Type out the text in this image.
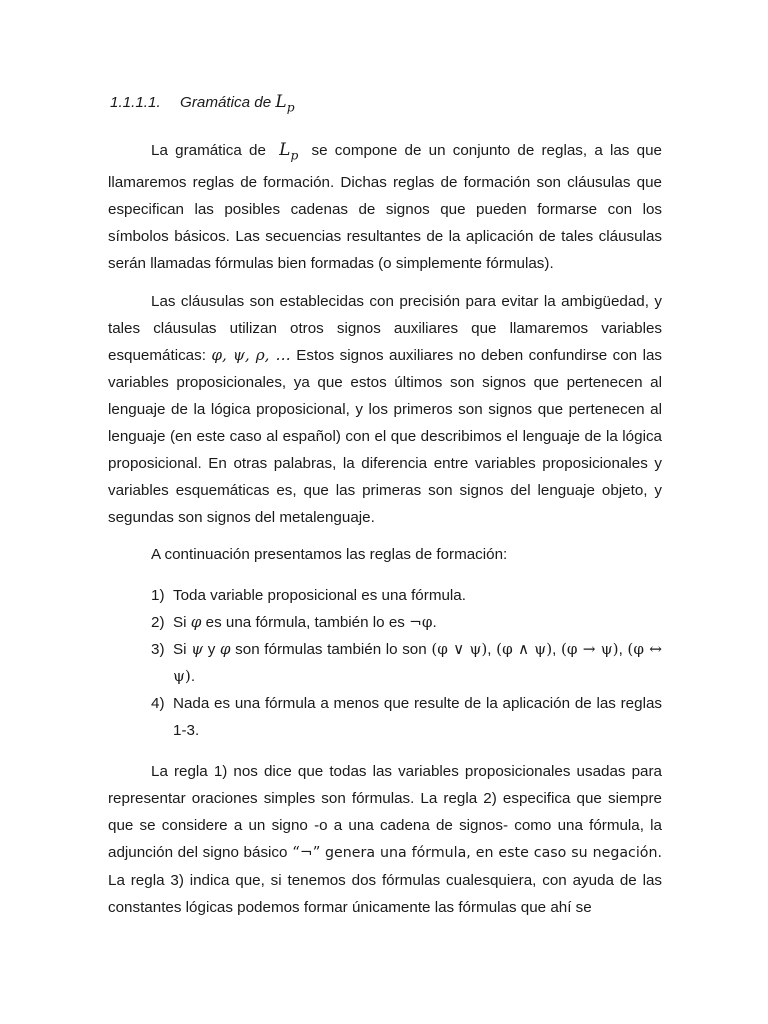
1.1.1.1. Gramática de $L_p$

La gramática de $L_p$ se compone de un conjunto de reglas, a las que llamaremos reglas de formación. Dichas reglas de formación son cláusulas que especifican las posibles cadenas de signos que pueden formarse con los símbolos básicos. Las secuencias resultantes de la aplicación de tales cláusulas serán llamadas fórmulas bien formadas (o simplemente fórmulas).

Las cláusulas son establecidas con precisión para evitar la ambigüedad, y tales cláusulas utilizan otros signos auxiliares que llamaremos variables esquemáticas: φ, ψ, ρ, … Estos signos auxiliares no deben confundirse con las variables proposicionales, ya que estos últimos son signos que pertenecen al lenguaje de la lógica proposicional, y los primeros son signos que pertenecen al lenguaje (en este caso al español) con el que describimos el lenguaje de la lógica proposicional. En otras palabras, la diferencia entre variables proposicionales y variables esquemáticas es, que las primeras son signos del lenguaje objeto, y segundas son signos del metalenguaje.

A continuación presentamos las reglas de formación:

1) Toda variable proposicional es una fórmula.
2) Si φ es una fórmula, también lo es ¬φ.
3) Si ψ y φ son fórmulas también lo son (φ ∨ ψ), (φ ∧ ψ), (φ → ψ), (φ ↔ ψ).
4) Nada es una fórmula a menos que resulte de la aplicación de las reglas 1-3.

La regla 1) nos dice que todas las variables proposicionales usadas para representar oraciones simples son fórmulas. La regla 2) especifica que siempre que se considere a un signo -o a una cadena de signos- como una fórmula, la adjunción del signo básico “¬” genera una fórmula, en este caso su negación. La regla 3) indica que, si tenemos dos fórmulas cualesquiera, con ayuda de las constantes lógicas podemos formar únicamente las fórmulas que ahí se
